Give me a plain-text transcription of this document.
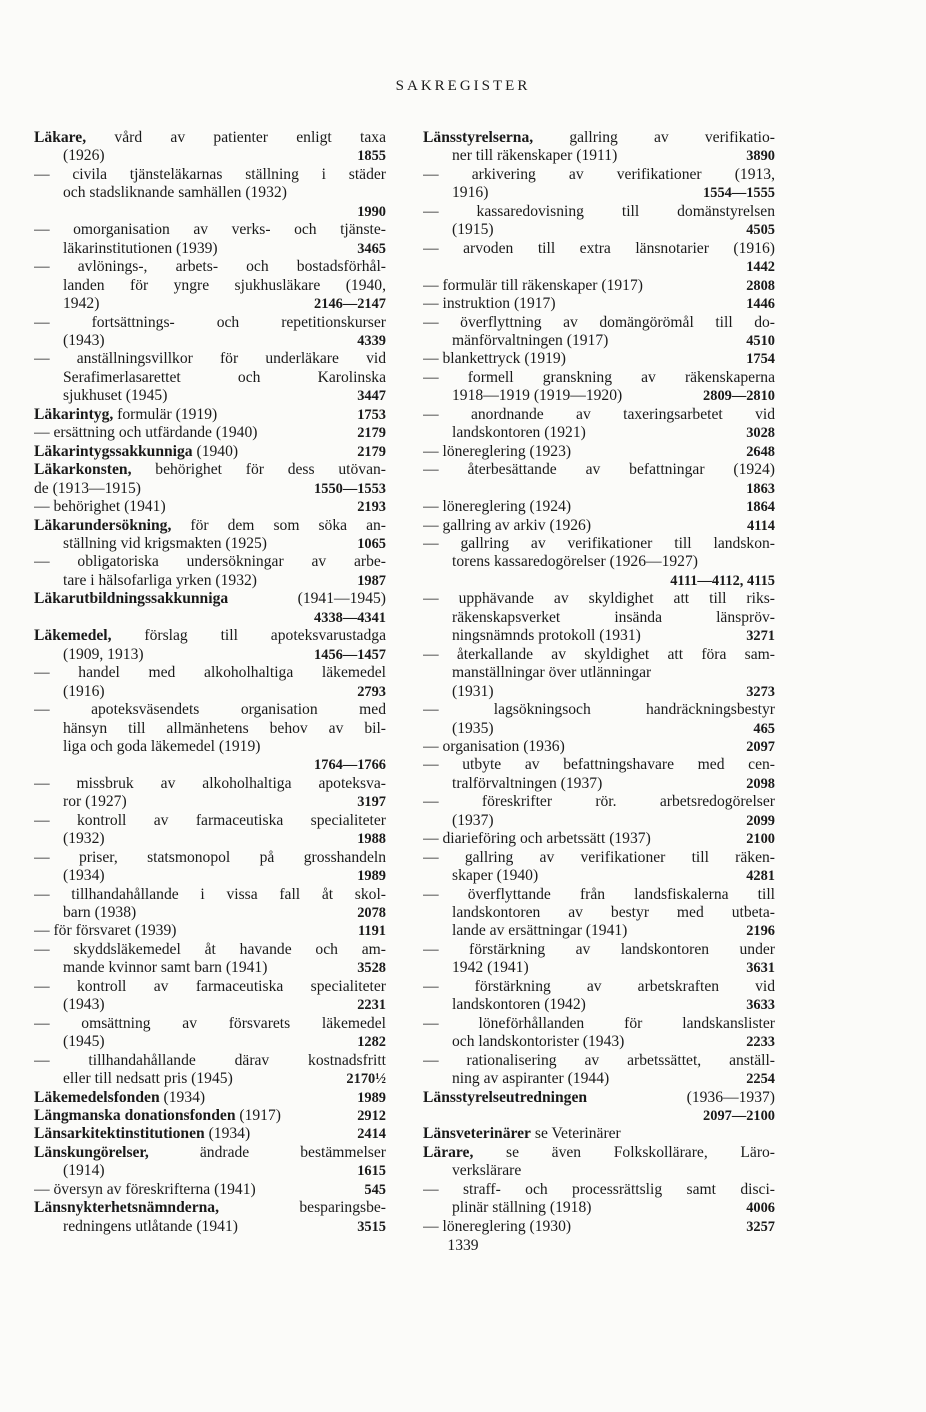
SAKREGISTER
Läkare, vård av patienter enligt taxa
(1926)	1855
— civila tjänsteläkarnas ställning i städer
och stadsliknande samhällen (1932)
1990
— omorganisation av verks- och tjänste-
läkarinstitutionen (1939)	3465
— avlönings-, arbets- och bostadsförhål-
landen för yngre sjukhusläkare (1940,
1942)	2146—2147
— fortsättnings- och repetitionskurser
(1943)	4339
— anställningsvillkor för underläkare vid
Serafimerlasarettet och Karolinska
sjukhuset (1945)	3447
Läkarintyg, formulär (1919)	1753
— ersättning och utfärdande (1940)	2179
Läkarintygssakkunniga (1940)	2179
Läkarkonsten, behörighet för dess utövan-
de (1913—1915)	1550—1553
— behörighet (1941)	2193
Läkarundersökning, för dem som söka an-
ställning vid krigsmakten (1925)	1065
— obligatoriska undersökningar av arbe-
tare i hälsofarliga yrken (1932)	1987
Läkarutbildningssakkunniga (1941—1945)
4338—4341
Läkemedel, förslag till apoteksvarustadga
(1909, 1913)	1456—1457
— handel med alkoholhaltiga läkemedel
(1916)	2793
— apoteksväsendets organisation med
hänsyn till allmänhetens behov av bil-
liga och goda läkemedel (1919)
1764—1766
— missbruk av alkoholhaltiga apoteksva-
ror (1927)	3197
— kontroll av farmaceutiska specialiteter
(1932)	1988
— priser, statsmonopol på grosshandeln
(1934)	1989
— tillhandahållande i vissa fall åt skol-
barn (1938)	2078
— för försvaret (1939)	1191
— skyddsläkemedel åt havande och am-
mande kvinnor samt barn (1941)	3528
— kontroll av farmaceutiska specialiteter
(1943)	2231
— omsättning av försvarets läkemedel
(1945)	1282
— tillhandahållande därav kostnadsfritt
eller till nedsatt pris (1945)	2170½
Läkemedelsfonden (1934)	1989
Längmanska donationsfonden (1917)	2912
Länsarkitektinstitutionen (1934)	2414
Länskungörelser, ändrade bestämmelser
(1914)	1615
— översyn av föreskrifterna (1941)	545
Länsnykterhetsnämnderna, besparingsbe-
redningens utlåtande (1941)	3515
Länsstyrelserna, gallring av verifikatio-
ner till räkenskaper (1911)	3890
— arkivering av verifikationer (1913,
1916)	1554—1555
— kassaredovisning till domänstyrelsen
(1915)	4505
— arvoden till extra länsnotarier (1916)
1442
— formulär till räkenskaper (1917)	2808
— instruktion (1917)	1446
— överflyttning av domängörömål till do-
mänförvaltningen (1917)	4510
— blankettryck (1919)	1754
— formell granskning av räkenskaperna
1918—1919 (1919—1920)	2809—2810
— anordnande av taxeringsarbetet vid
landskontoren (1921)	3028
— lönereglering (1923)	2648
— återbesättande av befattningar (1924)
1863
— lönereglering (1924)	1864
— gallring av arkiv (1926)	4114
— gallring av verifikationer till landskon-
torens kassaredogörelser (1926—1927)
4111—4112, 4115
— upphävande av skyldighet att till riks-
räkenskapsverket insända länspröv-
ningsnämnds protokoll (1931)	3271
— återkallande av skyldighet att föra sam-
manställningar över utlänningar
(1931)	3273
— lagsökningsoch handräckningsbestyr
(1935)	465
— organisation (1936)	2097
— utbyte av befattningshavare med cen-
tralförvaltningen (1937)	2098
— föreskrifter rör. arbetsredogörelser
(1937)	2099
— diarieföring och arbetssätt (1937)	2100
— gallring av verifikationer till räken-
skaper (1940)	4281
— överflyttande från landsfiskalerna till
landskontoren av bestyr med utbeta-
lande av ersättningar (1941)	2196
— förstärkning av landskontoren under
1942 (1941)	3631
— förstärkning av arbetskraften vid
landskontoren (1942)	3633
— löneförhållanden för landskanslister
och landskontorister (1943)	2233
— rationalisering av arbetssättet, anställ-
ning av aspiranter (1944)	2254
Länsstyrelseutredningen (1936—1937)
2097—2100
Länsveterinärer se Veterinärer
Lärare, se även Folkskollärare, Läro-
verkslärare
— straff- och processrättslig samt disci-
plinär ställning (1918)	4006
— lönereglering (1930)	3257
1339
